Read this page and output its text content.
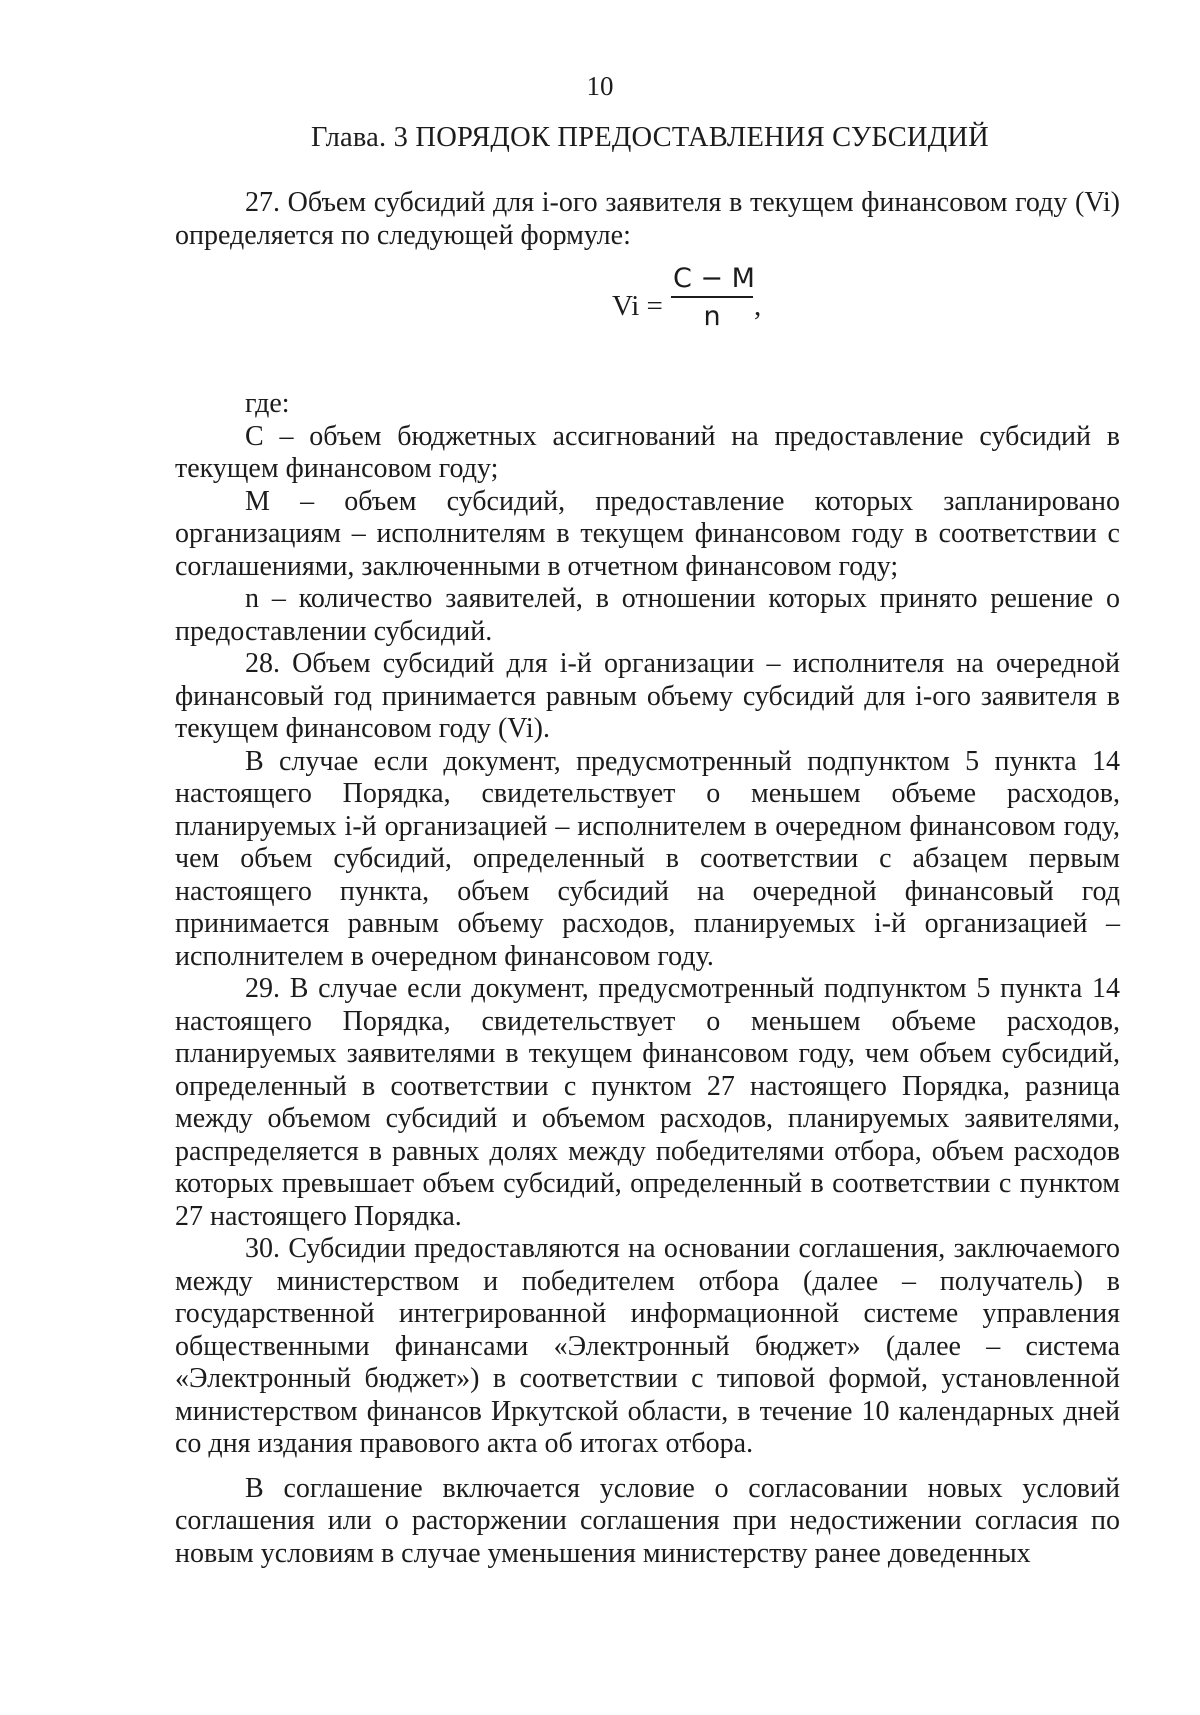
10
Глава. 3 ПОРЯДОК ПРЕДОСТАВЛЕНИЯ СУБСИДИЙ

27. Объем субсидий для i-ого заявителя в текущем финансовом году (Vi) определяется по следующей формуле:

Vi =
C − M
n	,

где:

С – объем бюджетных ассигнований на предоставление субсидий в текущем финансовом году;

М – объем субсидий, предоставление которых запланировано организациям – исполнителям в текущем финансовом году в соответствии с соглашениями, заключенными в отчетном финансовом году;

n – количество заявителей, в отношении которых принято решение о предоставлении субсидий.

28. Объем субсидий для i-й организации – исполнителя на очередной финансовый год принимается равным объему субсидий для i-ого заявителя в текущем финансовом году (Vi).

В случае если документ, предусмотренный подпунктом 5 пункта 14 настоящего Порядка, свидетельствует о меньшем объеме расходов, планируемых i-й организацией – исполнителем в очередном финансовом году, чем объем субсидий, определенный в соответствии с абзацем первым настоящего пункта, объем субсидий на очередной финансовый год принимается равным объему расходов, планируемых i-й организацией – исполнителем в очередном финансовом году.

29. В случае если документ, предусмотренный подпунктом 5 пункта 14 настоящего Порядка, свидетельствует о меньшем объеме расходов, планируемых заявителями в текущем финансовом году, чем объем субсидий, определенный в соответствии с пунктом 27 настоящего Порядка, разница между объемом субсидий и объемом расходов, планируемых заявителями, распределяется в равных долях между победителями отбора, объем расходов которых превышает объем субсидий, определенный в соответствии с пунктом 27 настоящего Порядка.

30. Субсидии предоставляются на основании соглашения, заключаемого между министерством и победителем отбора (далее – получатель) в государственной интегрированной информационной системе управления общественными финансами «Электронный бюджет» (далее – система «Электронный бюджет») в соответствии с типовой формой, установленной министерством финансов Иркутской области, в течение 10 календарных дней со дня издания правового акта об итогах отбора.

В соглашение включается условие о согласовании новых условий соглашения или о расторжении соглашения при недостижении согласия по новым условиям в случае уменьшения министерству ранее доведенных
